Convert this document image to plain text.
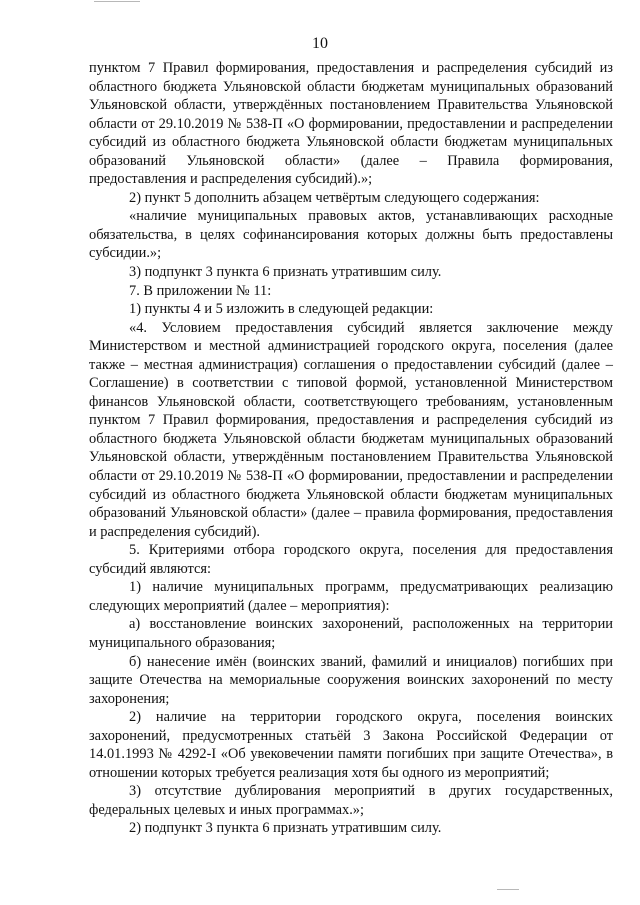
10

пунктом 7 Правил формирования, предоставления и распределения субсидий из областного бюджета Ульяновской области бюджетам муниципальных образований Ульяновской области, утверждённых постановлением Правительства Ульяновской области от 29.10.2019 № 538-П «О формировании, предоставлении и распределении субсидий из областного бюджета Ульяновской области бюджетам муниципальных образований Ульяновской области» (далее – Правила формирования, предоставления и распределения субсидий).»;

2) пункт 5 дополнить абзацем четвёртым следующего содержания:

«наличие муниципальных правовых актов, устанавливающих расходные обязательства, в целях софинансирования которых должны быть предоставлены субсидии.»;

3) подпункт 3 пункта 6 признать утратившим силу.

7. В приложении № 11:

1) пункты 4 и 5 изложить в следующей редакции:

«4. Условием предоставления субсидий является заключение между Министерством и местной администрацией городского округа, поселения (далее также – местная администрация) соглашения о предоставлении субсидий (далее – Соглашение) в соответствии с типовой формой, установленной Министерством финансов Ульяновской области, соответствующего требованиям, установленным пунктом 7 Правил формирования, предоставления и распределения субсидий из областного бюджета Ульяновской области бюджетам муниципальных образований Ульяновской области, утверждённым постановлением Правительства Ульяновской области от 29.10.2019 № 538-П «О формировании, предоставлении и распределении субсидий из областного бюджета Ульяновской области бюджетам муниципальных образований Ульяновской области» (далее – правила формирования, предоставления и распределения субсидий).

5. Критериями отбора городского округа, поселения для предоставления субсидий являются:

1) наличие муниципальных программ, предусматривающих реализацию следующих мероприятий (далее – мероприятия):

а) восстановление воинских захоронений, расположенных на территории муниципального образования;

б) нанесение имён (воинских званий, фамилий и инициалов) погибших при защите Отечества на мемориальные сооружения воинских захоронений по месту захоронения;

2) наличие на территории городского округа, поселения воинских захоронений, предусмотренных статьёй 3 Закона Российской Федерации от 14.01.1993 № 4292-I «Об увековечении памяти погибших при защите Отечества», в отношении которых требуется реализация хотя бы одного из мероприятий;

3) отсутствие дублирования мероприятий в других государственных, федеральных целевых и иных программах.»;

2) подпункт 3 пункта 6 признать утратившим силу.
